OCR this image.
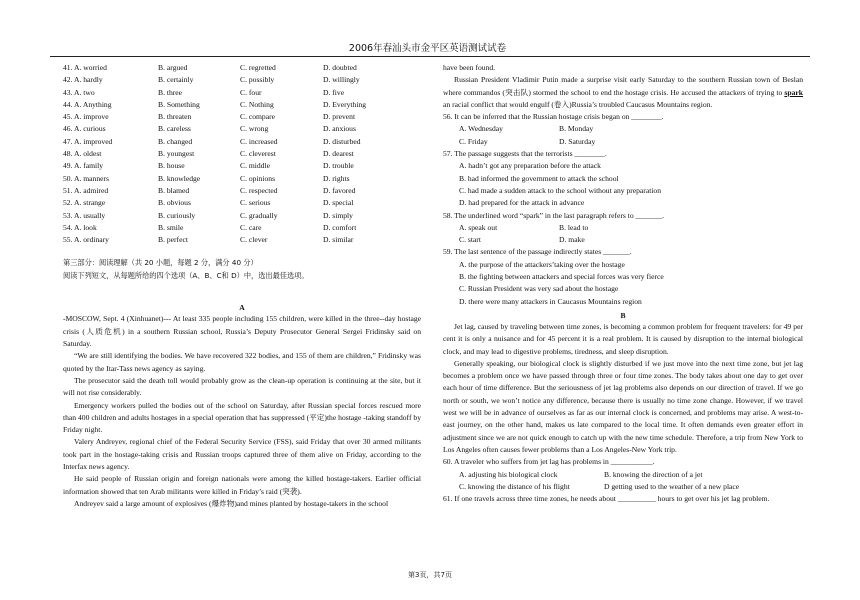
2006年春汕头市金平区英语测试试卷
41. A. worried	B. argued	C. regretted	D. doubted
42. A. hardly	B. certainly	C. possibly	D. willingly
43. A. two	B. three	C. four	D. five
44. A. Anything	B. Something	C. Nothing	D. Everything
45. A. improve	B. threaten	C. compare	D. prevent
46. A. curious	B. careless	C. wrong	D. anxious
47. A. improved	B. changed	C. increased	D. disturbed
48. A. oldest	B. youngest	C. cleverest	D. dearest
49. A. family	B. house	C. middle	D. trouble
50. A. manners	B. knowledge	C. opinions	D. rights
51. A. admired	B. blamed	C. respected	D. favored
52. A. strange	B. obvious	C. serious	D. special
53. A. usually	B. curiously	C. gradually	D. simply
54. A. look	B. smile	C. care	D. comfort
55. A. ordinary	B. perfect	C. clever	D. similar
第三部分：阅读理解（共 20 小题，每题 2 分，满分 40 分）
阅读下列短文，从每题所给的四个选项（A、B、C和 D）中，选出最佳选项。
A

-MOSCOW, Sept. 4 (Xinhuanet)--- At least 335 people including 155 children, were killed in the three--day hostage crisis (人质危机) in a southern Russian school, Russia’s Deputy Prosecutor General Sergei Fridinsky said on Saturday.

“We are still identifying the bodies. We have recovered 322 bodies, and 155 of them are children,” Fridinsky was quoted by the Itar-Tass news agency as saying.

The prosecutor said the death toll would probably grow as the clean-up operation is continuing at the site, but it will not rise considerably.

Emergency workers pulled the bodies out of the school on Saturday, after Russian special forces rescued more than 400 children and adults hostages in a special operation that has suppressed (平定)the hostage -taking standoff by Friday night.

Valery Andreyev, regional chief of the Federal Security Service (FSS), said Friday that over 30 armed militants took part in the hostage-taking crisis and Russian troops captured three of them alive on Friday, according to the Interfax news agency.

He said people of Russian origin and foreign nationals were among the killed hostage-takers. Earlier official information showed that ten Arab militants were killed in Friday’s raid (突袭).

Andreyev said a large amount of explosives (爆炸物)and mines planted by hostage-takers in the school

have been found.

Russian President Vladimir Putin made a surprise visit early Saturday to the southern Russian town of Beslan where commandos (突击队) stormed the school to end the hostage crisis. He accused the attackers of trying to spark an racial conflict that would engulf (卷入)Russia’s troubled Caucasus Mountains region.

56. It can be inferred that the Russian hostage crisis began on ________.

A. Wednesday	B. Monday
C. Friday	D. Saturday

57. The passage suggests that the terrorists ________.

A. hadn’t got any preparation before the attack

B. had informed the government to attack the school

C. had made a sudden attack to the school without any preparation

D. had prepared for the attack in advance

58. The underlined word “spark” in the last paragraph refers to _______.

A. speak out	B. lead to
C. start	D. make

59. The last sentence of the passage indirectly states _______.

A. the purpose of the attackers’taking over the hostage

B. the fighting between attackers and special forces was very fierce

C. Russian President was very sad about the hostage

D. there were many attackers in Caucasus Mountains region

B

Jet lag, caused by traveling between time zones, is becoming a common problem for frequent travelers: for 49 per cent it is only a nuisance and for 45 percent it is a real problem. It is caused by disruption to the internal biological clock, and may lead to digestive problems, tiredness, and sleep disruption.

Generally speaking, our biological clock is slightly disturbed if we just move into the next time zone, but jet lag becomes a problem once we have passed through three or four time zones. The body takes about one day to get over each hour of time difference. But the seriousness of jet lag problems also depends on our direction of travel. If we go north or south, we won’t notice any difference, because there is usually no time zone change. However, if we travel west we will be in advance of ourselves as far as our internal clock is concerned, and problems may arise. A west-to-east journey, on the other hand, makes us late compared to the local time. It often demands even greater effort in adjustment since we are not quick enough to catch up with the new time schedule. Therefore, a trip from New York to Los Angeles often causes fewer problems than a Los Angeles-New York trip.

60. A traveler who suffers from jet lag has problems in ___________.

A. adjusting his biological clock	B. knowing the direction of a jet
C. knowing the distance of his flight	D getting used to the weather of a new place

61. If one travels across three time zones, he needs about __________ hours to get over his jet lag problem.

第3页，共7页
